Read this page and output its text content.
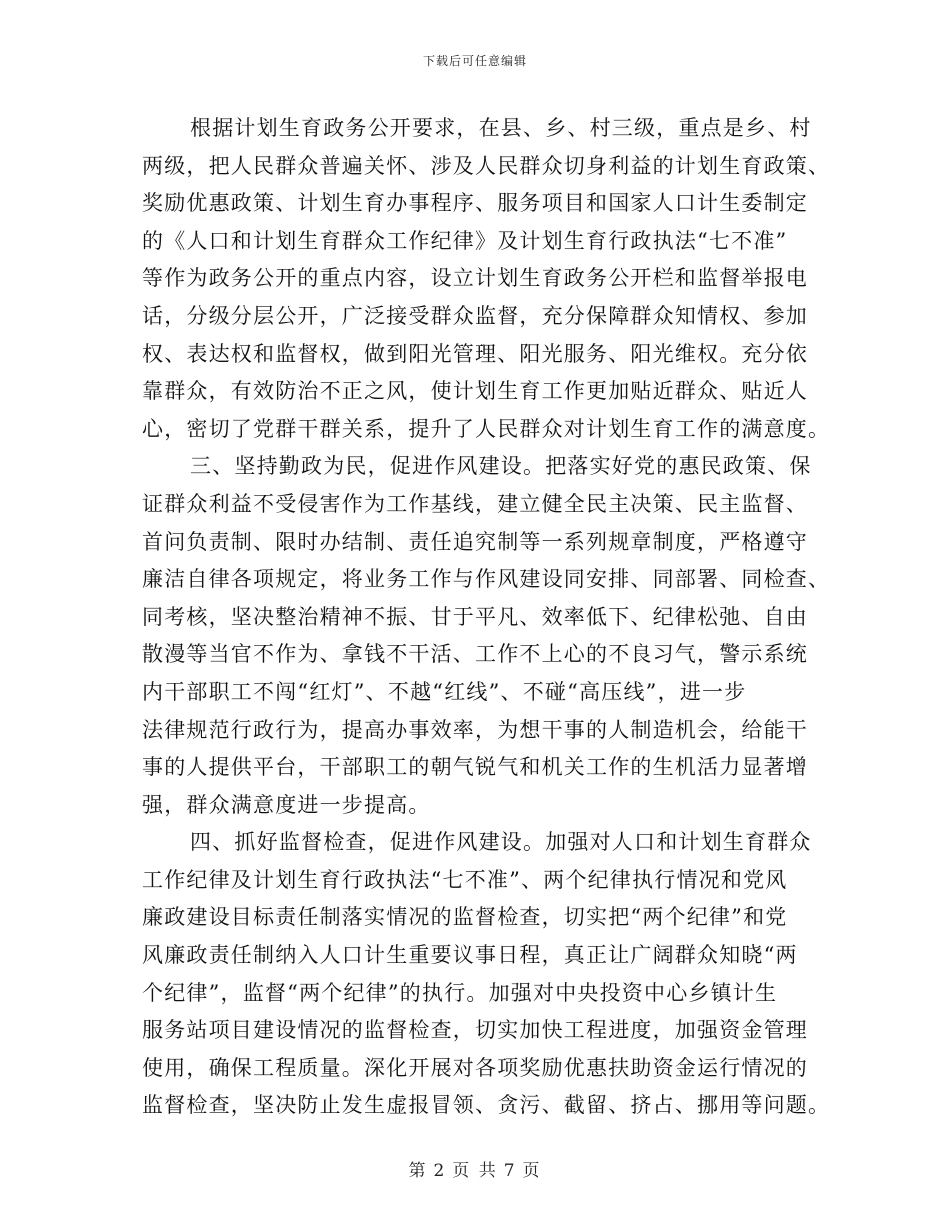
下载后可任意编辑
根据计划生育政务公开要求，在县、乡、村三级，重点是乡、村
两级，把人民群众普遍关怀、涉及人民群众切身利益的计划生育政策、
奖励优惠政策、计划生育办事程序、服务项目和国家人口计生委制定
的《人口和计划生育群众工作纪律》及计划生育行政执法“七不准”
等作为政务公开的重点内容，设立计划生育政务公开栏和监督举报电
话，分级分层公开，广泛接受群众监督，充分保障群众知情权、参加
权、表达权和监督权，做到阳光管理、阳光服务、阳光维权。充分依
靠群众，有效防治不正之风，使计划生育工作更加贴近群众、贴近人
心，密切了党群干群关系，提升了人民群众对计划生育工作的满意度。
三、坚持勤政为民，促进作风建设。把落实好党的惠民政策、保
证群众利益不受侵害作为工作基线，建立健全民主决策、民主监督、
首问负责制、限时办结制、责任追究制等一系列规章制度，严格遵守
廉洁自律各项规定，将业务工作与作风建设同安排、同部署、同检查、
同考核，坚决整治精神不振、甘于平凡、效率低下、纪律松弛、自由
散漫等当官不作为、拿钱不干活、工作不上心的不良习气，警示系统
内干部职工不闯“红灯”、不越“红线”、不碰“高压线”，进一步
法律规范行政行为，提高办事效率，为想干事的人制造机会，给能干
事的人提供平台，干部职工的朝气锐气和机关工作的生机活力显著增
强，群众满意度进一步提高。
四、抓好监督检查，促进作风建设。加强对人口和计划生育群众
工作纪律及计划生育行政执法“七不准”、两个纪律执行情况和党风
廉政建设目标责任制落实情况的监督检查，切实把“两个纪律”和党
风廉政责任制纳入人口计生重要议事日程，真正让广阔群众知晓“两
个纪律”，监督“两个纪律”的执行。加强对中央投资中心乡镇计生
服务站项目建设情况的监督检查，切实加快工程进度，加强资金管理
使用，确保工程质量。深化开展对各项奖励优惠扶助资金运行情况的
监督检查，坚决防止发生虚报冒领、贪污、截留、挤占、挪用等问题。
第 2 页 共 7 页
